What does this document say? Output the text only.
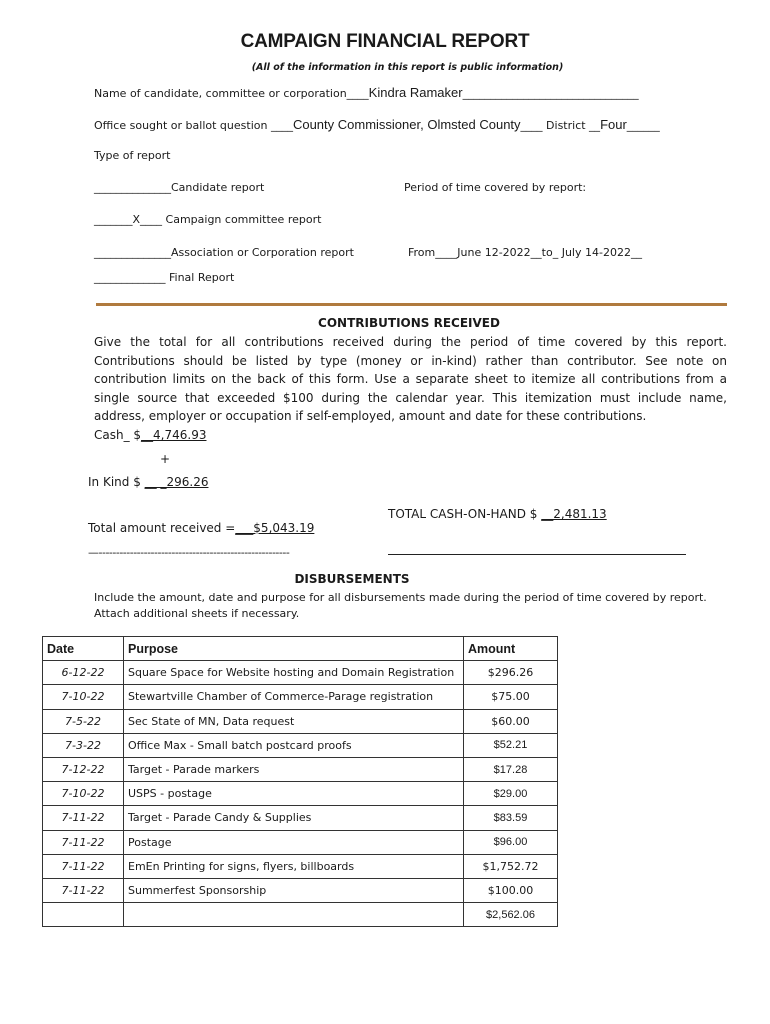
CAMPAIGN FINANCIAL REPORT
(All of the information in this report is public information)
Name of candidate, committee or corporation____Kindra Ramaker________________________________
Office sought or ballot question ____County Commissioner, Olmsted County____ District __Four______
Type of report
______________Candidate report	Period of time covered by report:
_______X____ Campaign committee report
______________Association or Corporation report	From____June 12-2022__to_ July 14-2022__
_____________ Final Report
CONTRIBUTIONS RECEIVED
Give the total for all contributions received during the period of time covered by this report. Contributions should be listed by type (money or in-kind) rather than contributor. See note on contribution limits on the back of this form. Use a separate sheet to itemize all contributions from a single source that exceeded $100 during the calendar year. This itemization must include name, address, employer or occupation if self-employed, amount and date for these contributions.
Cash_ $__4,746.93
+
In Kind $ __ _296.26
TOTAL CASH-ON-HAND $ __2,481.13
Total amount received =___$5,043.19
—-------------------------------------------------------
DISBURSEMENTS
Include the amount, date and purpose for all disbursements made during the period of time covered by report.
Attach additional sheets if necessary.
Date	Purpose	Amount
6-12-22	Square Space for Website hosting and Domain Registration	$296.26
7-10-22	Stewartville Chamber of Commerce-Parage registration	$75.00
7-5-22	Sec State of MN, Data request	$60.00
7-3-22	Office Max - Small batch postcard proofs	$52.21
7-12-22	Target - Parade markers	$17.28
7-10-22	USPS - postage	$29.00
7-11-22	Target - Parade Candy & Supplies	$83.59
7-11-22	Postage	$96.00
7-11-22	EmEn Printing for signs, flyers, billboards	$1,752.72
7-11-22	Summerfest Sponsorship	$100.00
		$2,562.06
